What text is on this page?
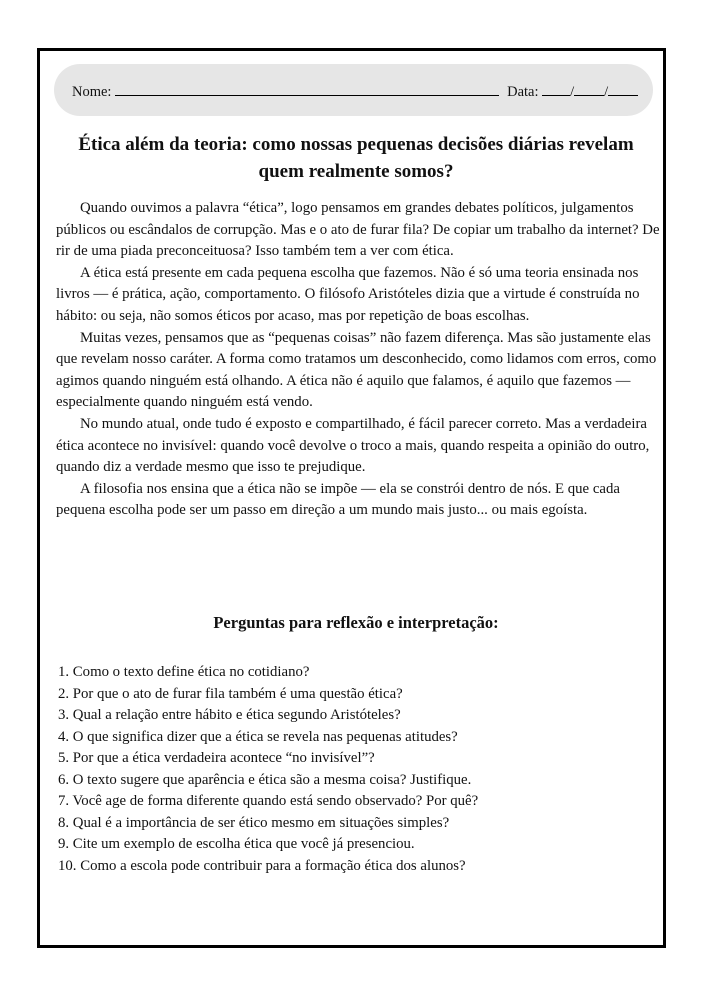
Nome:	Data: / /
Ética além da teoria: como nossas pequenas decisões diárias revelam quem realmente somos?

Quando ouvimos a palavra “ética”, logo pensamos em grandes debates políticos, julgamentos públicos ou escândalos de corrupção. Mas e o ato de furar fila? De copiar um trabalho da internet? De rir de uma piada preconceituosa? Isso também tem a ver com ética.

A ética está presente em cada pequena escolha que fazemos. Não é só uma teoria ensinada nos livros — é prática, ação, comportamento. O filósofo Aristóteles dizia que a virtude é construída no hábito: ou seja, não somos éticos por acaso, mas por repetição de boas escolhas.

Muitas vezes, pensamos que as “pequenas coisas” não fazem diferença. Mas são justamente elas que revelam nosso caráter. A forma como tratamos um desconhecido, como lidamos com erros, como agimos quando ninguém está olhando. A ética não é aquilo que falamos, é aquilo que fazemos — especialmente quando ninguém está vendo.

No mundo atual, onde tudo é exposto e compartilhado, é fácil parecer correto. Mas a verdadeira ética acontece no invisível: quando você devolve o troco a mais, quando respeita a opinião do outro, quando diz a verdade mesmo que isso te prejudique.

A filosofia nos ensina que a ética não se impõe — ela se constrói dentro de nós. E que cada pequena escolha pode ser um passo em direção a um mundo mais justo... ou mais egoísta.

Perguntas para reflexão e interpretação:
1. Como o texto define ética no cotidiano?
2. Por que o ato de furar fila também é uma questão ética?
3. Qual a relação entre hábito e ética segundo Aristóteles?
4. O que significa dizer que a ética se revela nas pequenas atitudes?
5. Por que a ética verdadeira acontece “no invisível”?
6. O texto sugere que aparência e ética são a mesma coisa? Justifique.
7. Você age de forma diferente quando está sendo observado? Por quê?
8. Qual é a importância de ser ético mesmo em situações simples?
9. Cite um exemplo de escolha ética que você já presenciou.
10. Como a escola pode contribuir para a formação ética dos alunos?
